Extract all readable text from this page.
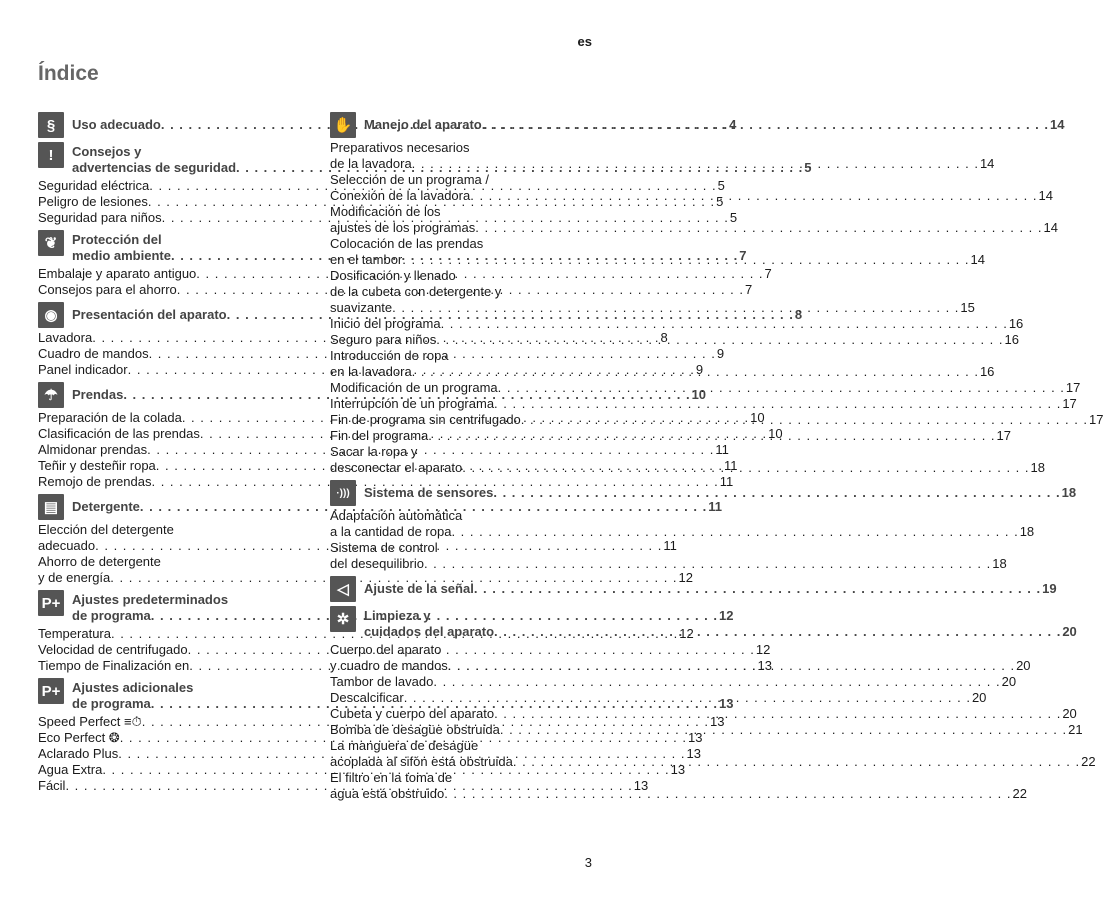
es
Índice
§	Uso adecuado . . .	4
!	Consejos y
advertencias de seguridad . . .	5
Seguridad eléctrica . . .	5
Peligro de lesiones . . .	5
Seguridad para niños . . .	5
❦	Protección del
medio ambiente . . .	7
Embalaje y aparato antiguo . . .	7
Consejos para el ahorro . . .	7
◉	Presentación del aparato . . .	8
Lavadora . . .	8
Cuadro de mandos . . .	9
Panel indicador . . .	9
☂	Prendas . . .	10
Preparación de la colada . . .	10
Clasificación de las prendas . . .	10
Almidonar prendas . . .	11
Teñir y desteñir ropa . . .	11
Remojo de prendas . . .	11
▤	Detergente . . .	11
Elección del detergente
adecuado . . .	11
Ahorro de detergente
y de energía . . .	12
P+ Ajustes predeterminados
de programa . . .	12
Temperatura . . .	12
Velocidad de centrifugado . . .	12
Tiempo de Finalización en . . .	13
P+ Ajustes adicionales
de programa . . .	13
Speed Perfect ≡⏱ . . .	13
Eco Perfect ❂ . . .	13
Aclarado Plus . . .	13
Agua Extra . . .	13
Fácil . . .	13
✋ Manejo del aparato . . .	14
Preparativos necesarios
de la lavadora . . .	14
Selección de un programa /
Conexión de la lavadora . . .	14
Modificación de los
ajustes de los programas . . .	14
Colocación de las prendas
en el tambor . . .	14
Dosificación y llenado
de la cubeta con detergente y
suavizante . . .	15
Inicio del programa . . .	16
Seguro para niños . . .	16
Introducción de ropa
en la lavadora . . .	16
Modificación de un programa . . .	17
Interrupción de un programa . . .	17
Fin de programa sin centrifugado . . .	17
Fin del programa . . .	17
Sacar la ropa y
desconectar el aparato . . .	18
·)))	Sistema de sensores . . .	18
Adaptación automática
a la cantidad de ropa . . .	18
Sistema de control
del desequilibrio . . .	18
◁	Ajuste de la señal . . .	19
✲	Limpieza y
cuidados del aparato . . .	20
Cuerpo del aparato
y cuadro de mandos . . .	20
Tambor de lavado . . .	20
Descalcificar . . .	20
Cubeta y cuerpo del aparato . . .	20
Bomba de desagüe obstruida . . .	21
La manguera de desagüe
acoplada al sifón está obstruida . . .	22
El filtro en la toma de
agua está obstruido . . .	22
3
